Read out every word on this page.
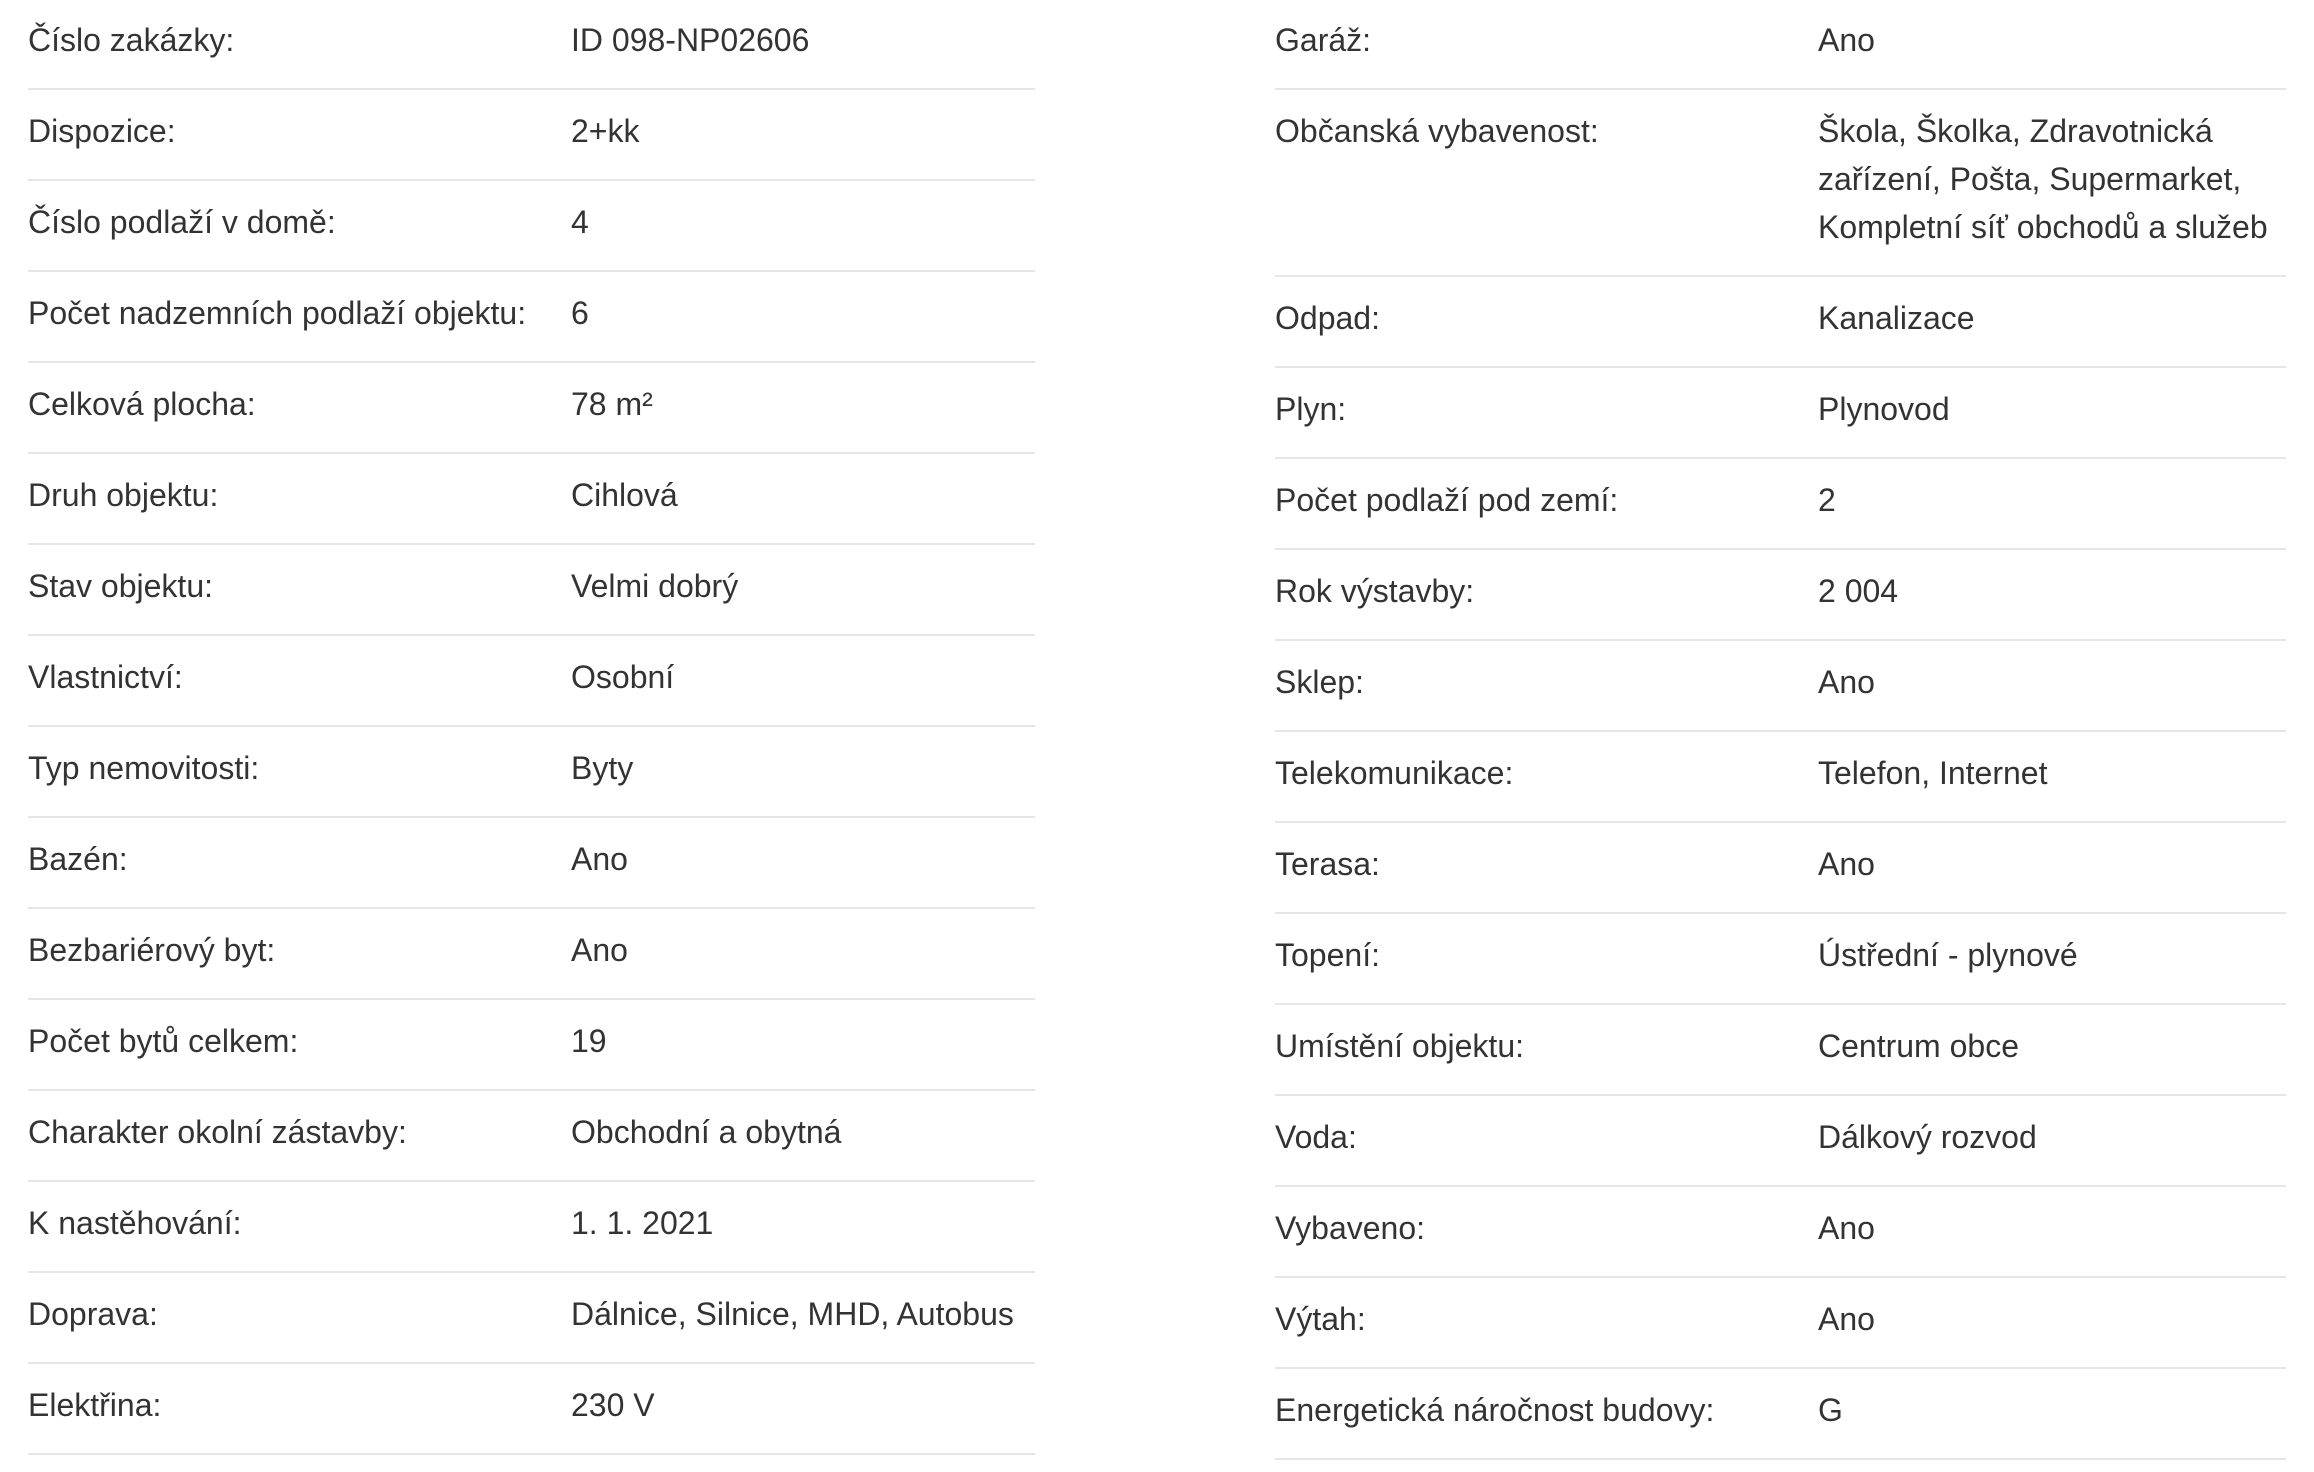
Číslo zakázky:	ID 098-NP02606
Dispozice:	2+kk
Číslo podlaží v domě:	4
Počet nadzemních podlaží objektu:	6
Celková plocha:	78 m²
Druh objektu:	Cihlová
Stav objektu:	Velmi dobrý
Vlastnictví:	Osobní
Typ nemovitosti:	Byty
Bazén:	Ano
Bezbariérový byt:	Ano
Počet bytů celkem:	19
Charakter okolní zástavby:	Obchodní a obytná
K nastěhování:	1. 1. 2021
Doprava:	Dálnice, Silnice, MHD, Autobus
Elektřina:	230 V
Garáž:	Ano
Občanská vybavenost:	Škola, Školka, Zdravotnická
zařízení, Pošta, Supermarket,
Kompletní síť obchodů a služeb
Odpad:	Kanalizace
Plyn:	Plynovod
Počet podlaží pod zemí:	2
Rok výstavby:	2 004
Sklep:	Ano
Telekomunikace:	Telefon, Internet
Terasa:	Ano
Topení:	Ústřední - plynové
Umístění objektu:	Centrum obce
Voda:	Dálkový rozvod
Vybaveno:	Ano
Výtah:	Ano
Energetická náročnost budovy:	G
